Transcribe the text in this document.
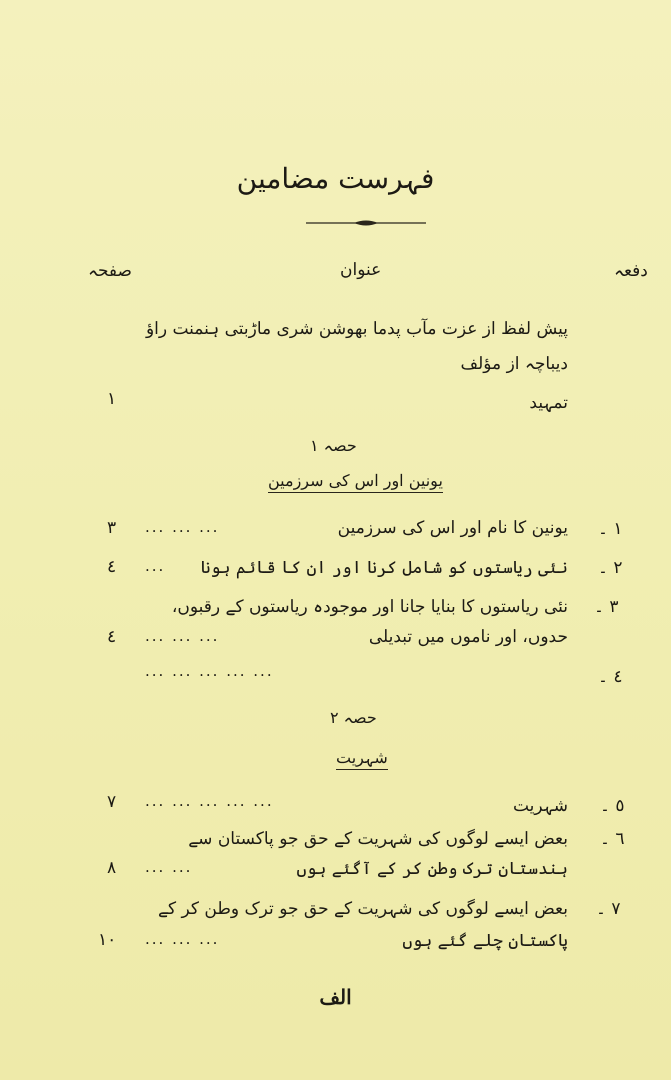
فہرست مضامین
صفحہ	عنوان	دفعہ
پیش لفظ از عزت مآب پدما بھوشن شری ماڑبتی ہنمنت راؤ
دیباچہ از مؤلف
تمہید
۱
حصہ ۱
یونین اور اس کی سرزمین
یونین کا نام اور اس کی سرزمین ۱ ۔
... ... ...
۳
نئی ریاستوں کو شامل کرنا اور ان کا قائم ہونا ۲ ۔
...
٤
نئی ریاستوں کا بنایا جانا اور موجودہ ریاستوں کے رقبوں، ۳ ۔
حدوں، اور ناموں میں تبدیلی
... ... ...
٤
٤ ۔
... ... ... ... ...
حصہ ۲
شہریت
شہریت ٥ ۔
... ... ... ... ...
۷
بعض ایسے لوگوں کی شہریت کے حق جو پاکستان سے ٦ ۔
ہندستان ترک وطن کر کے آگئے ہوں
... ...
۸
بعض ایسے لوگوں کی شہریت کے حق جو ترک وطن کر کے ۷ ۔
پاکستان چلے گئے ہوں
... ... ...
۱۰
الف
